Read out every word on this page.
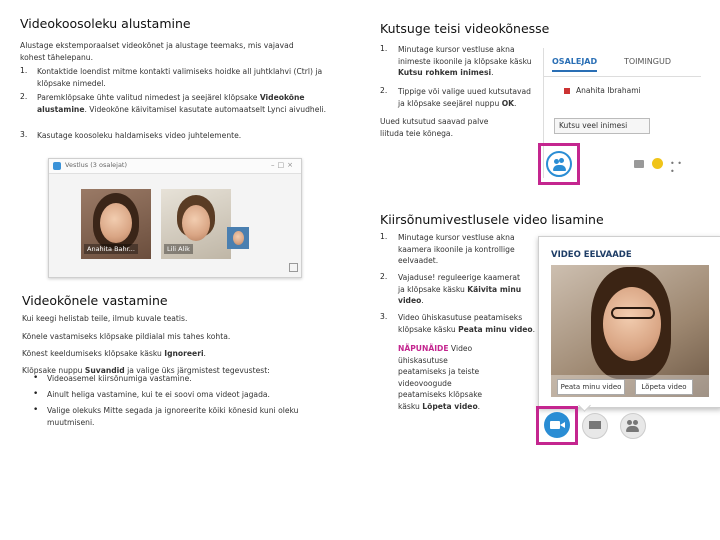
Videokoosoleku alustamine
Alustage ekstemporaalset videokõnet ja alustage teemaks, mis vajavad kohest tähelepanu.
1. Kontaktide loendist mitme kontakti valimiseks hoidke all juhtklahvi (Ctrl) ja klõpsake nimedel.
2. Paremklõpsake ühte valitud nimedest ja seejärel klõpsake Videokõne alustamine. Videokõne käivitamisel kasutate automaatselt Lynci aivudheli.
3. Kasutage koosoleku haldamiseks video juhtelemente.
Vestlus (3 osalejat)	–□×
Anahita Bahr...	Lili Alik
Videokõnele vastamine
Kui keegi helistab teile, ilmub kuvale teatis.
Kõnele vastamiseks klõpsake pildialal mis tahes kohta.
Kõnest keeldumiseks klõpsake käsku Ignoreeri.
Klõpsake nuppu Suvandid ja valige üks järgmistest tegevustest:
• Videoasemel kiirsõnumiga vastamine.
• Ainult heliga vastamine, kui te ei soovi oma videot jagada.
• Valige olekuks Mitte segada ja ignoreerite kõiki kõnesid kuni oleku muutmiseni.
Kutsuge teisi videokõnesse
1. Minutage kursor vestluse akna inimeste ikoonile ja klõpsake käsku Kutsu rohkem inimesi.
2. Tippige või valige uued kutsutavad ja klõpsake seejärel nuppu OK.
Uued kutsutud saavad palve liituda teie kõnega.
OSALEJAD	TOIMINGUD
Anahita Ibrahami
Kutsu veel inimesi
• • •
Kiirsõnumivestlusele video lisamine
1. Minutage kursor vestluse akna kaamera ikoonile ja kontrollige eelvaadet.
2. Vajaduse! reguleerige kaamerat ja klõpsake käsku Käivita minu video.
3. Video ühiskasutuse peatamiseks klõpsake käsku Peata minu video.
NÄPUNÄIDE Video ühiskasutuse peatamiseks ja teiste videovoogude peatamiseks klõpsake käsku Lõpeta video.
VIDEO EELVAADE
Peata minu video	Lõpeta video
